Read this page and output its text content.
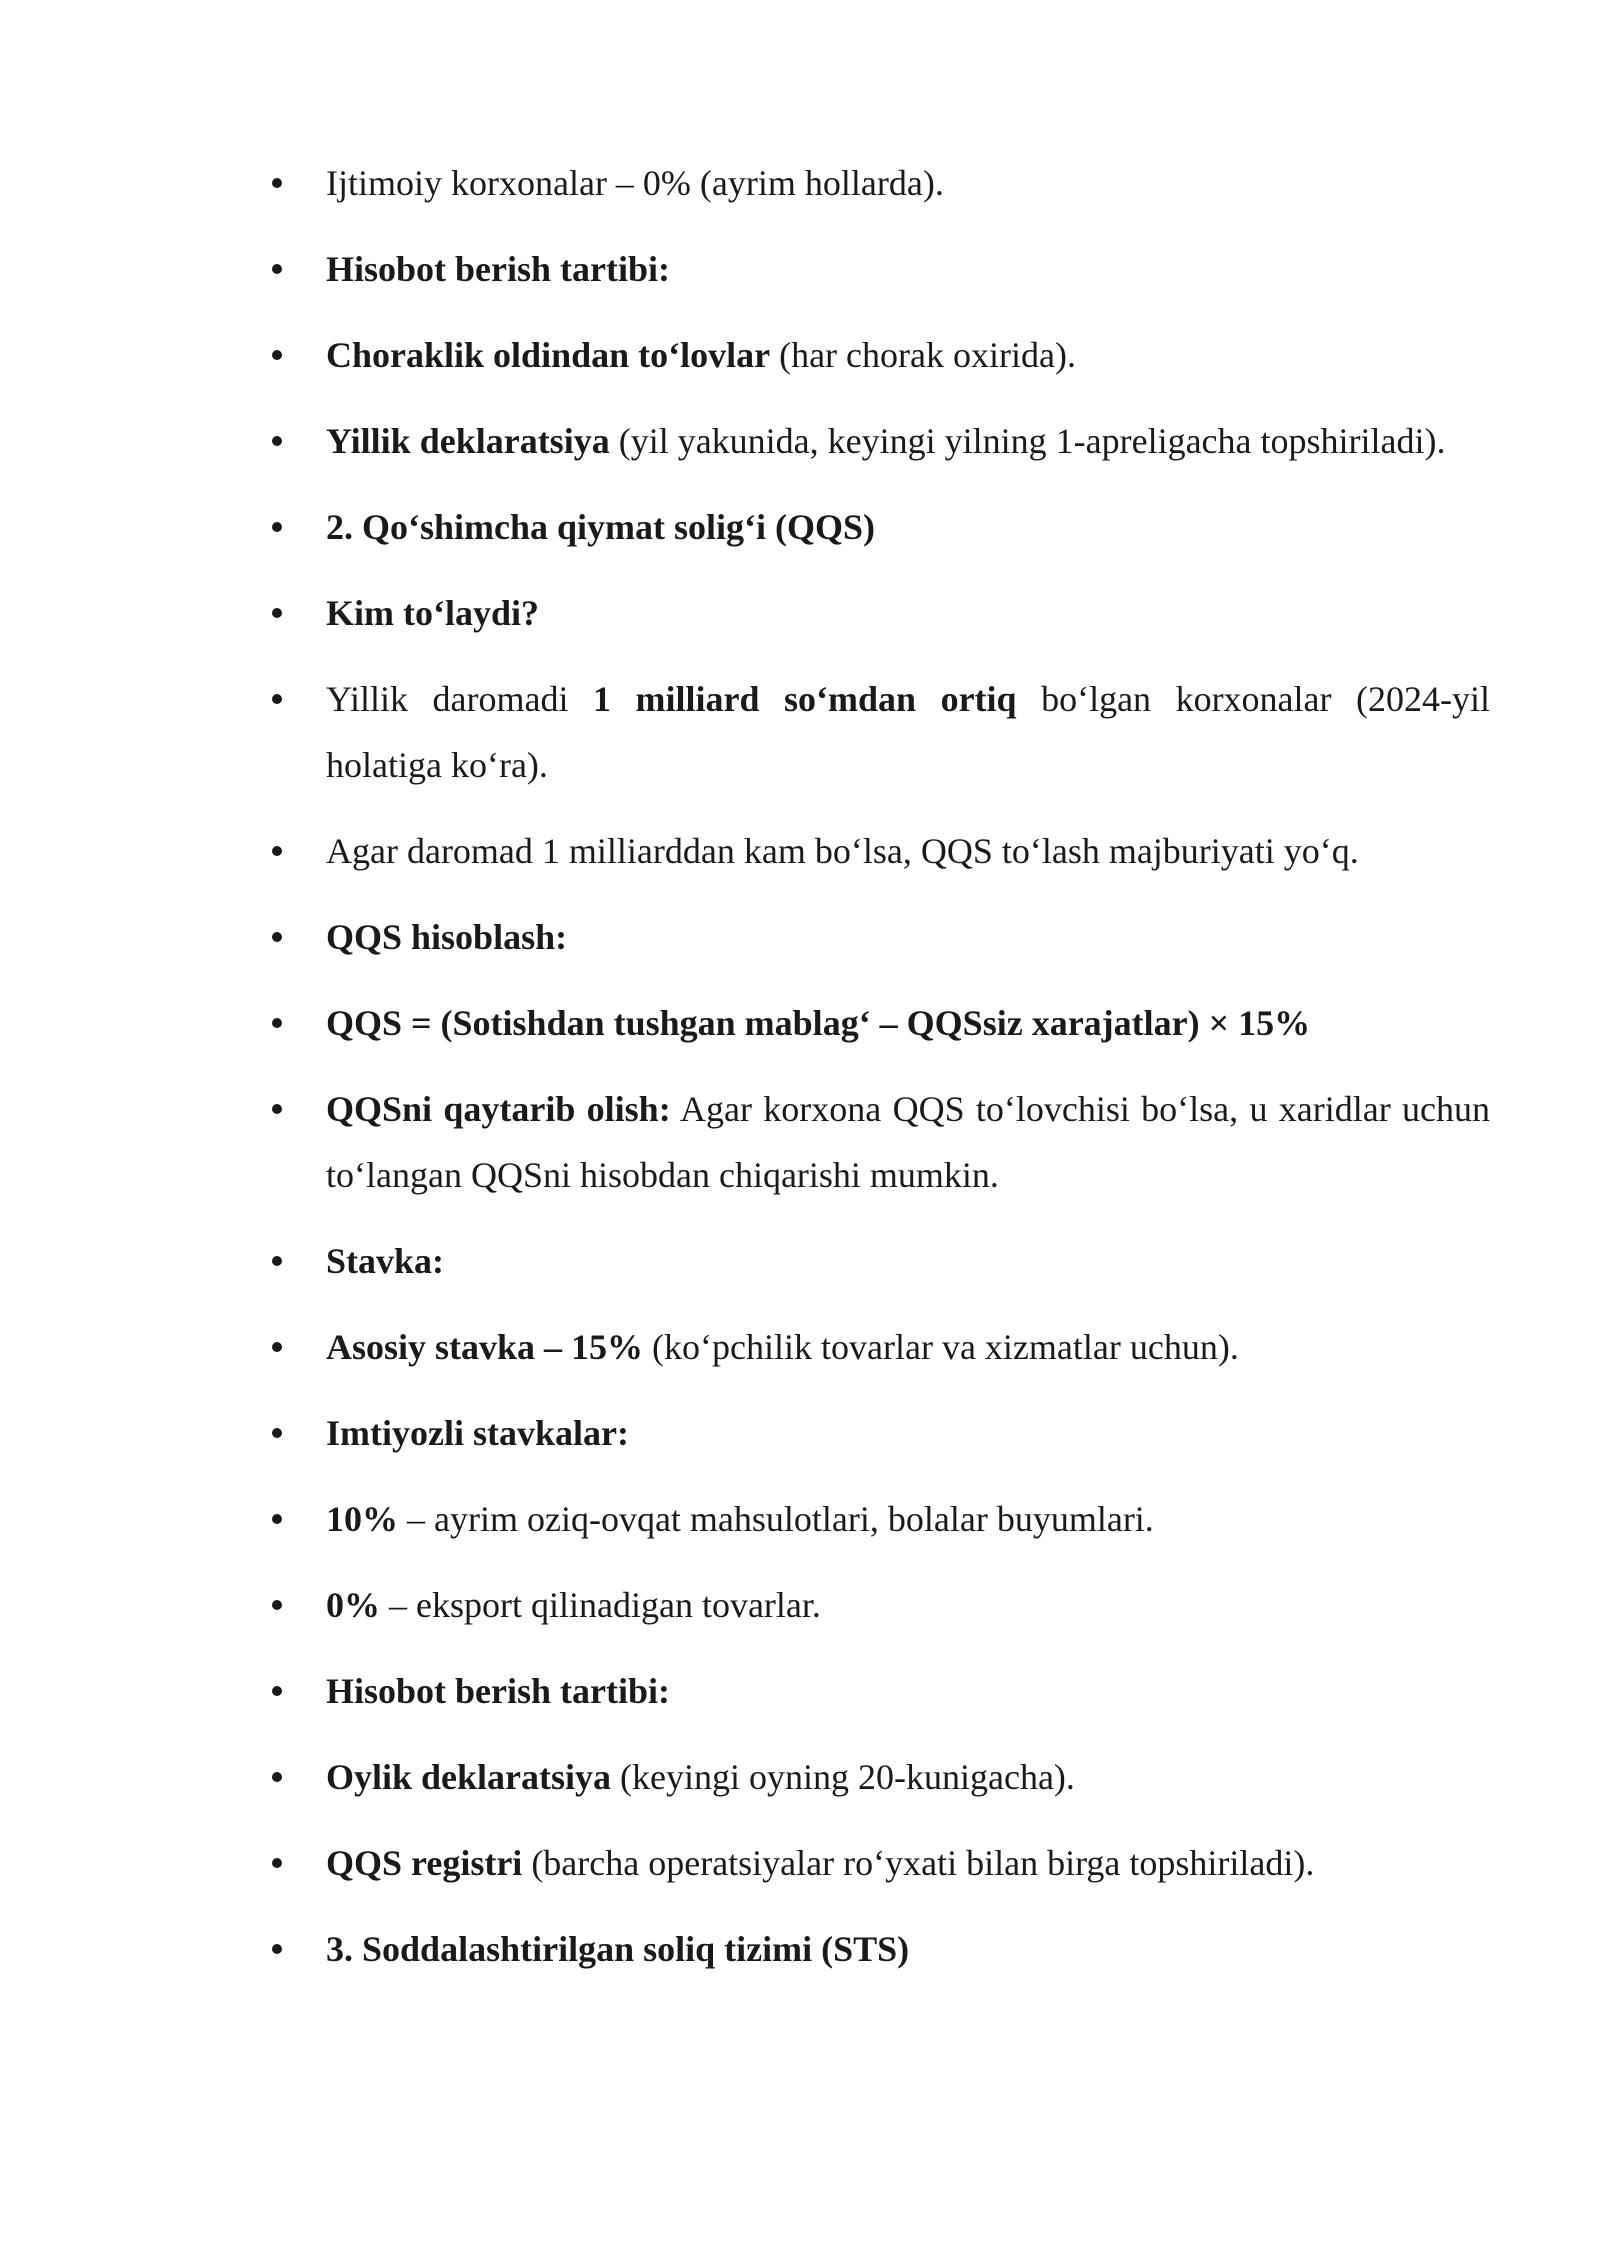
Ijtimoiy korxonalar – 0% (ayrim hollarda).
Hisobot berish tartibi:
Choraklik oldindan to‘lovlar (har chorak oxirida).
Yillik deklaratsiya (yil yakunida, keyingi yilning 1-apreligacha topshiriladi).
2. Qo‘shimcha qiymat solig‘i (QQS)
Kim to‘laydi?
Yillik daromadi 1 milliard so‘mdan ortiq bo‘lgan korxonalar (2024-yil holatiga ko‘ra).
Agar daromad 1 milliarddan kam bo‘lsa, QQS to‘lash majburiyati yo‘q.
QQS hisoblash:
QQS = (Sotishdan tushgan mablag‘ – QQSsiz xarajatlar) × 15%
QQSni qaytarib olish: Agar korxona QQS to‘lovchisi bo‘lsa, u xaridlar uchun to‘langan QQSni hisobdan chiqarishi mumkin.
Stavka:
Asosiy stavka – 15% (ko‘pchilik tovarlar va xizmatlar uchun).
Imtiyozli stavkalar:
10% – ayrim oziq-ovqat mahsulotlari, bolalar buyumlari.
0% – eksport qilinadigan tovarlar.
Hisobot berish tartibi:
Oylik deklaratsiya (keyingi oyning 20-kunigacha).
QQS registri (barcha operatsiyalar ro‘yxati bilan birga topshiriladi).
3. Soddalashtirilgan soliq tizimi (STS)
